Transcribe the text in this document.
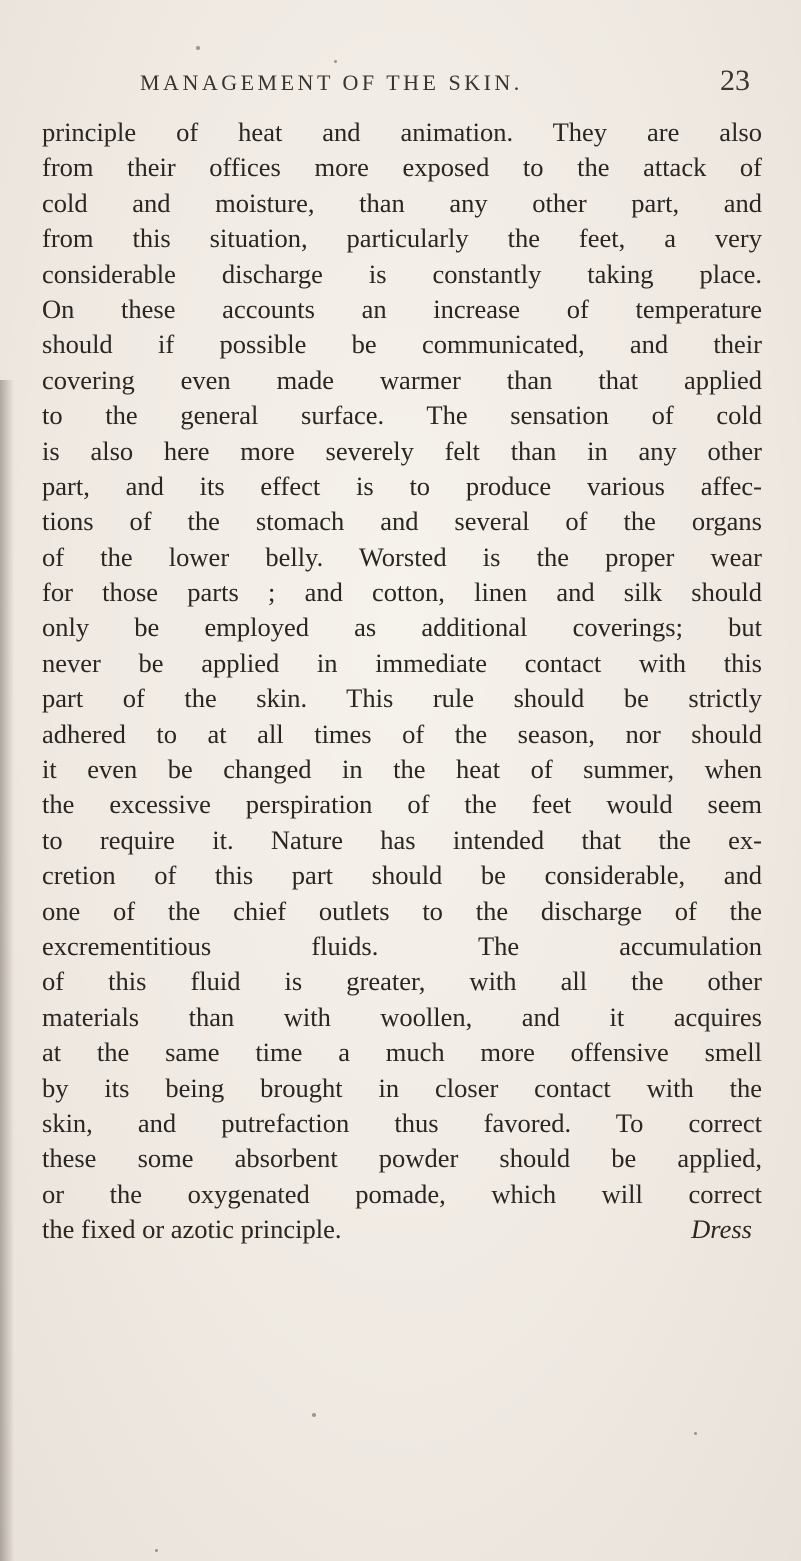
MANAGEMENT OF THE SKIN.	23
principle of heat and animation. They are also
from their offices more exposed to the attack of
cold and moisture, than any other part, and
from this situation, particularly the feet, a very
considerable discharge is constantly taking place.
On these accounts an increase of temperature
should if possible be communicated, and their
covering even made warmer than that applied
to the general surface. The sensation of cold
is also here more severely felt than in any other
part, and its effect is to produce various affec-
tions of the stomach and several of the organs
of the lower belly. Worsted is the proper wear
for those parts ; and cotton, linen and silk should
only be employed as additional coverings; but
never be applied in immediate contact with this
part of the skin. This rule should be strictly
adhered to at all times of the season, nor should
it even be changed in the heat of summer, when
the excessive perspiration of the feet would seem
to require it. Nature has intended that the ex-
cretion of this part should be considerable, and
one of the chief outlets to the discharge of the
excrementitious fluids. The accumulation
of this fluid is greater, with all the other
materials than with woollen, and it acquires
at the same time a much more offensive smell
by its being brought in closer contact with the
skin, and putrefaction thus favored. To correct
these some absorbent powder should be applied,
or the oxygenated pomade, which will correct
the fixed or azotic principle.	Dress
